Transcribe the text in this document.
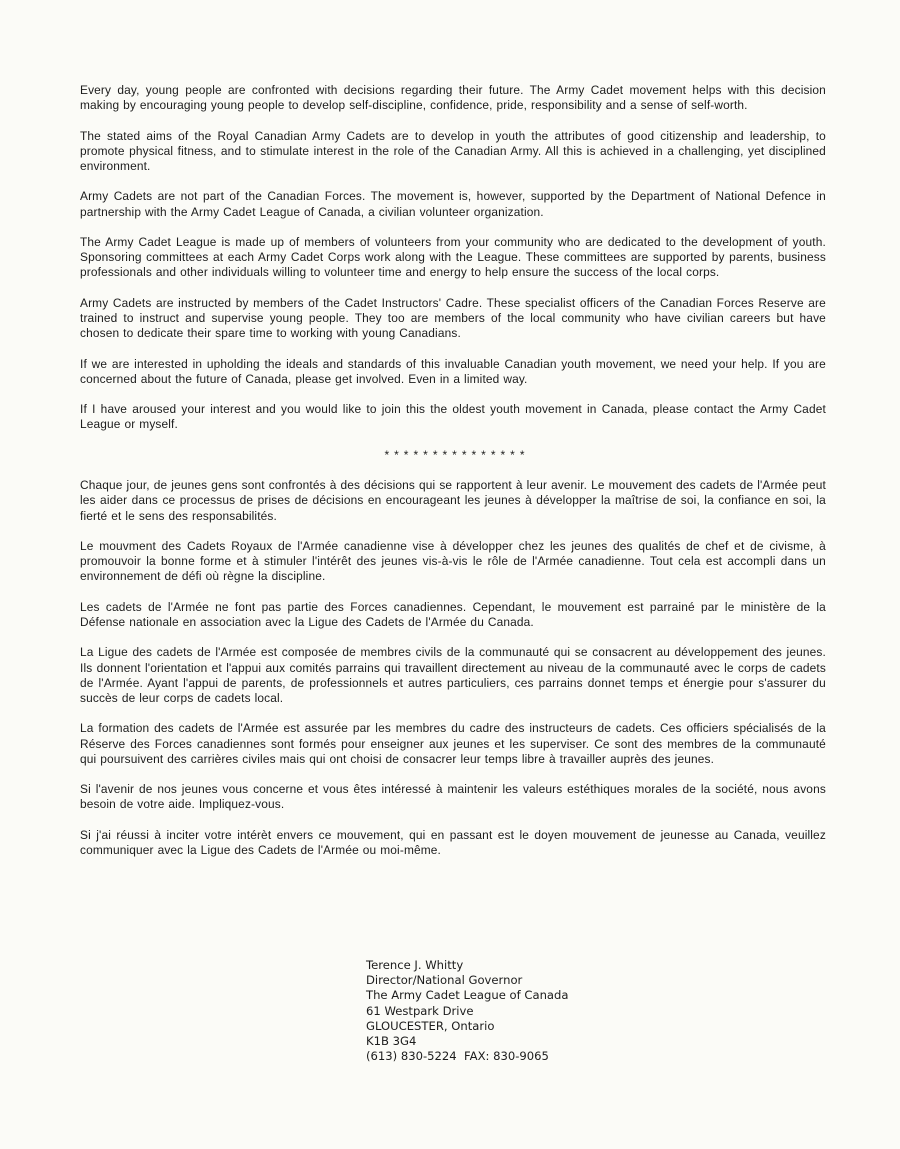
Every day, young people are confronted with decisions regarding their future. The Army Cadet movement helps with this decision making by encouraging young people to develop self-discipline, confidence, pride, responsibility and a sense of self-worth.

The stated aims of the Royal Canadian Army Cadets are to develop in youth the attributes of good citizenship and leadership, to promote physical fitness, and to stimulate interest in the role of the Canadian Army. All this is achieved in a challenging, yet disciplined environment.

Army Cadets are not part of the Canadian Forces. The movement is, however, supported by the Department of National Defence in partnership with the Army Cadet League of Canada, a civilian volunteer organization.

The Army Cadet League is made up of members of volunteers from your community who are dedicated to the development of youth. Sponsoring committees at each Army Cadet Corps work along with the League. These committees are supported by parents, business professionals and other individuals willing to volunteer time and energy to help ensure the success of the local corps.

Army Cadets are instructed by members of the Cadet Instructors' Cadre. These specialist officers of the Canadian Forces Reserve are trained to instruct and supervise young people. They too are members of the local community who have civilian careers but have chosen to dedicate their spare time to working with young Canadians.

If we are interested in upholding the ideals and standards of this invaluable Canadian youth movement, we need your help. If you are concerned about the future of Canada, please get involved. Even in a limited way.

If I have aroused your interest and you would like to join this the oldest youth movement in Canada, please contact the Army Cadet League or myself.

***************

Chaque jour, de jeunes gens sont confrontés à des décisions qui se rapportent à leur avenir. Le mouvement des cadets de l'Armée peut les aider dans ce processus de prises de décisions en encourageant les jeunes à développer la maîtrise de soi, la confiance en soi, la fierté et le sens des responsabilités.

Le mouvment des Cadets Royaux de l'Armée canadienne vise à développer chez les jeunes des qualités de chef et de civisme, à promouvoir la bonne forme et à stimuler l'intérêt des jeunes vis-à-vis le rôle de l'Armée canadienne. Tout cela est accompli dans un environnement de défi où règne la discipline.

Les cadets de l'Armée ne font pas partie des Forces canadiennes. Cependant, le mouvement est parrainé par le ministère de la Défense nationale en association avec la Ligue des Cadets de l'Armée du Canada.

La Ligue des cadets de l'Armée est composée de membres civils de la communauté qui se consacrent au développement des jeunes. Ils donnent l'orientation et l'appui aux comités parrains qui travaillent directement au niveau de la communauté avec le corps de cadets de l'Armée. Ayant l'appui de parents, de professionnels et autres particuliers, ces parrains donnet temps et énergie pour s'assurer du succès de leur corps de cadets local.

La formation des cadets de l'Armée est assurée par les membres du cadre des instructeurs de cadets. Ces officiers spécialisés de la Réserve des Forces canadiennes sont formés pour enseigner aux jeunes et les superviser. Ce sont des membres de la communauté qui poursuivent des carrières civiles mais qui ont choisi de consacrer leur temps libre à travailler auprès des jeunes.

Si l'avenir de nos jeunes vous concerne et vous êtes intéressé à maintenir les valeurs estéthiques morales de la société, nous avons besoin de votre aide. Impliquez-vous.

Si j'ai réussi à inciter votre intérèt envers ce mouvement, qui en passant est le doyen mouvement de jeunesse au Canada, veuillez communiquer avec la Ligue des Cadets de l'Armée ou moi-même.

Terence J. Whitty
Director/National Governor
The Army Cadet League of Canada
61 Westpark Drive
GLOUCESTER, Ontario
K1B 3G4
(613) 830-5224  FAX: 830-9065
